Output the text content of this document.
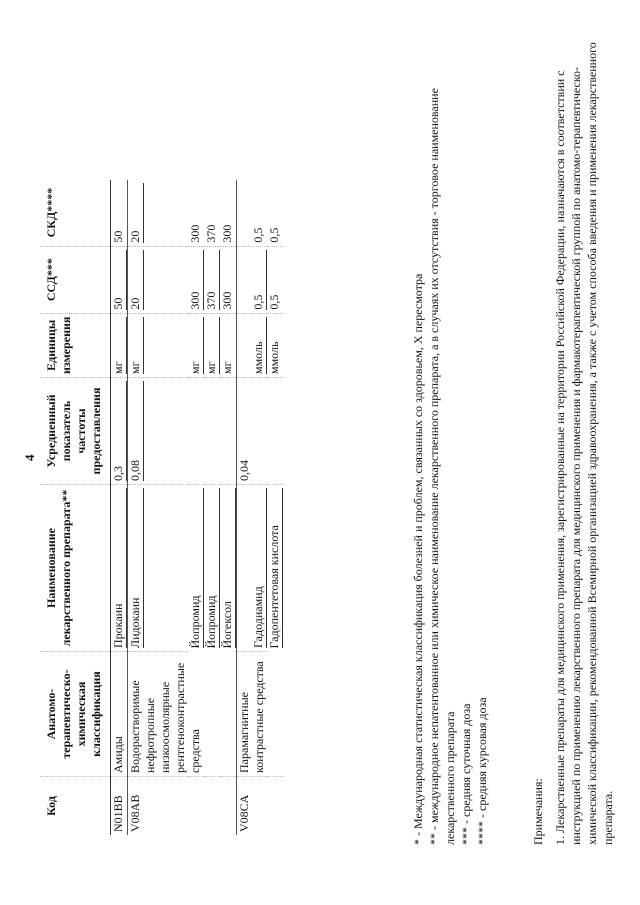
4
Код	Анатомо-терапевтическо-химическая классификация	Наименование лекарственного препарата**	Усредненный показатель частоты предоставления	Единицы измерения	ССД***	СКД****
N01BB	Амиды	Прокаин	0,3	мг	50	50
V08AB	Водорастворимые нефротропные низкоосмолярные рентгеноконтрастные средства	Лидокаин	0,08	мг	20	20

		Йопромид		мг	300	300

		Йопромид		мг	370	370

		Йогексол		мг	300	300
V08CA	Парамагнитные контрастные средства	Гадодиамид	0,04	ммоль	0,5	0,5

		Гадопентетовая кислота		ммоль	0,5	0,5

* - Международная статистическая классификация болезней и проблем, связанных со здоровьем, X пересмотра ** - международное непатентованное или химическое наименование лекарственного препарата, а в случаях их отсутствия - торговое наименование лекарственного препарата *** - средняя суточная доза **** - средняя курсовая доза	Примечания: 1. Лекарственные препараты для медицинского применения, зарегистрированные на территории Российской Федерации, назначаются в соответствии с инструкцией по применению лекарственного препарата для медицинского применения и фармакотерапевтической группой по анатомо-терапевтическо-химической классификации, рекомендованной Всемирной организацией здравоохранения, а также с учетом способа введения и применения лекарственного препарата.
